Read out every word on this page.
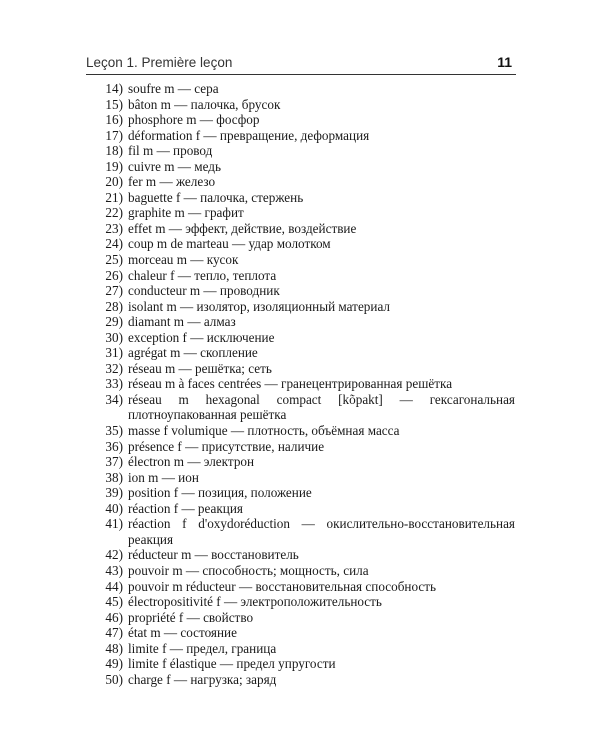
Leçon 1. Première leçon	11
14) soufre m — сера
15) bâton m — палочка, брусок
16) phosphore m — фосфор
17) déformation f — превращение, деформация
18) fil m — провод
19) cuivre m — медь
20) fer m — железо
21) baguette f — палочка, стержень
22) graphite m — графит
23) effet m — эффект, действие, воздействие
24) coup m de marteau — удар молотком
25) morceau m — кусок
26) chaleur f — тепло, теплота
27) conducteur m — проводник
28) isolant m — изолятор, изоляционный материал
29) diamant m — алмаз
30) exception f — исключение
31) agrégat m — скопление
32) réseau m — решётка; сеть
33) réseau m à faces centrées — гранецентрированная решётка
34) réseau m hexagonal compact [kõpakt] — гексагональная плотноупакованная решётка
35) masse f volumique — плотность, объёмная масса
36) présence f — присутствие, наличие
37) électron m — электрон
38) ion m — ион
39) position f — позиция, положение
40) réaction f — реакция
41) réaction f d'oxydoréduction — окислительно-восстановительная реакция
42) réducteur m — восстановитель
43) pouvoir m — способность; мощность, сила
44) pouvoir m réducteur — восстановительная способность
45) électropositivité f — электроположительность
46) propriété f — свойство
47) état m — состояние
48) limite f — предел, граница
49) limite f élastique — предел упругости
50) charge f — нагрузка; заряд
